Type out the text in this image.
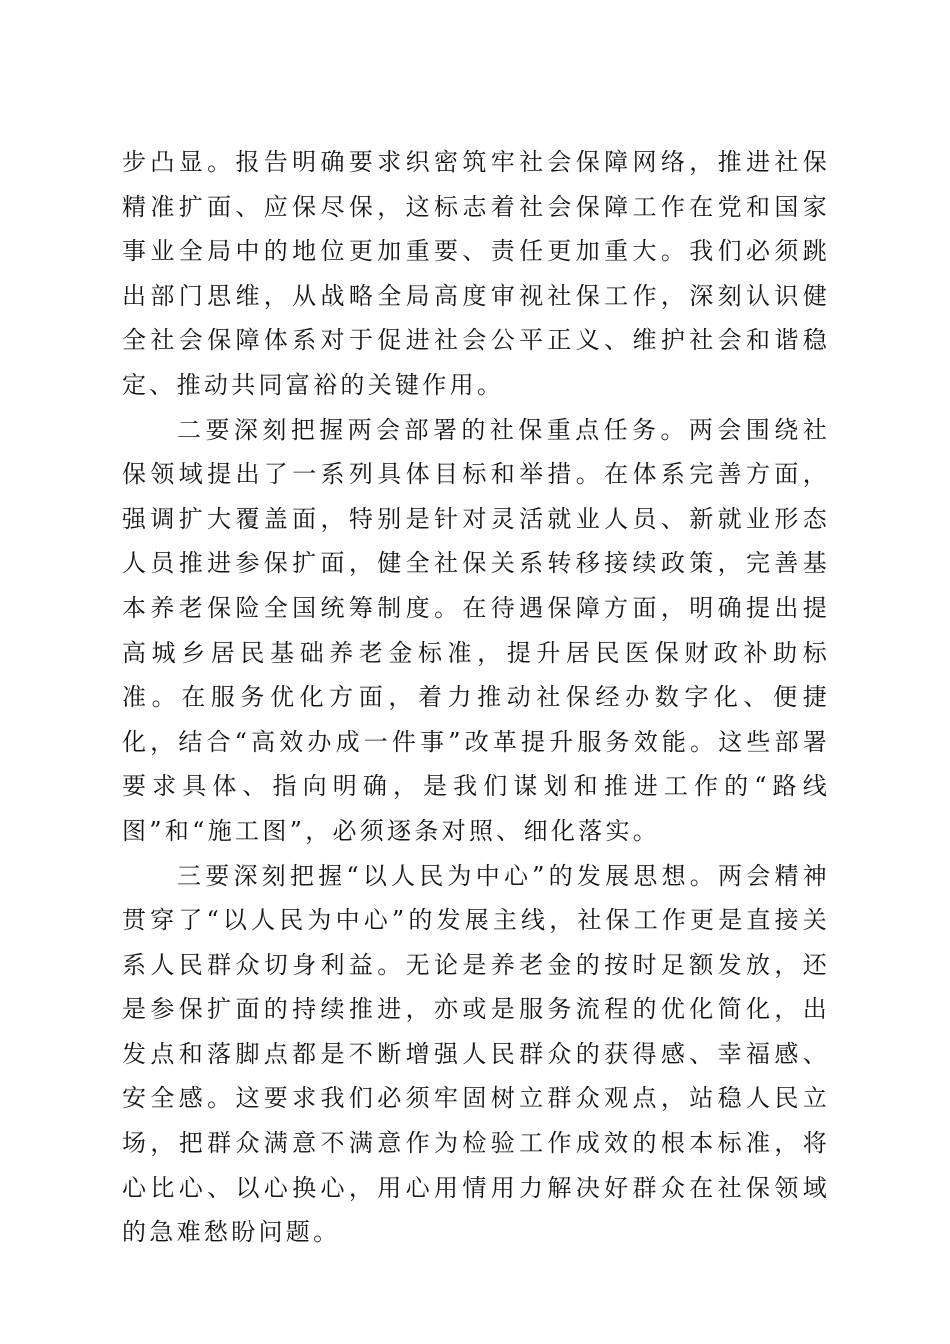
步凸显。报告明确要求织密筑牢社会保障网络，推进社保精准扩面、应保尽保，这标志着社会保障工作在党和国家事业全局中的地位更加重要、责任更加重大。我们必须跳出部门思维，从战略全局高度审视社保工作，深刻认识健全社会保障体系对于促进社会公平正义、维护社会和谐稳定、推动共同富裕的关键作用。

二要深刻把握两会部署的社保重点任务。两会围绕社保领域提出了一系列具体目标和举措。在体系完善方面，强调扩大覆盖面，特别是针对灵活就业人员、新就业形态人员推进参保扩面，健全社保关系转移接续政策，完善基本养老保险全国统筹制度。在待遇保障方面，明确提出提高城乡居民基础养老金标准，提升居民医保财政补助标准。在服务优化方面，着力推动社保经办数字化、便捷化，结合“高效办成一件事”改革提升服务效能。这些部署要求具体、指向明确，是我们谋划和推进工作的“路线图”和“施工图”，必须逐条对照、细化落实。

三要深刻把握“以人民为中心”的发展思想。两会精神贯穿了“以人民为中心”的发展主线，社保工作更是直接关系人民群众切身利益。无论是养老金的按时足额发放，还是参保扩面的持续推进，亦或是服务流程的优化简化，出发点和落脚点都是不断增强人民群众的获得感、幸福感、安全感。这要求我们必须牢固树立群众观点，站稳人民立场，把群众满意不满意作为检验工作成效的根本标准，将心比心、以心换心，用心用情用力解决好群众在社保领域的急难愁盼问题。
